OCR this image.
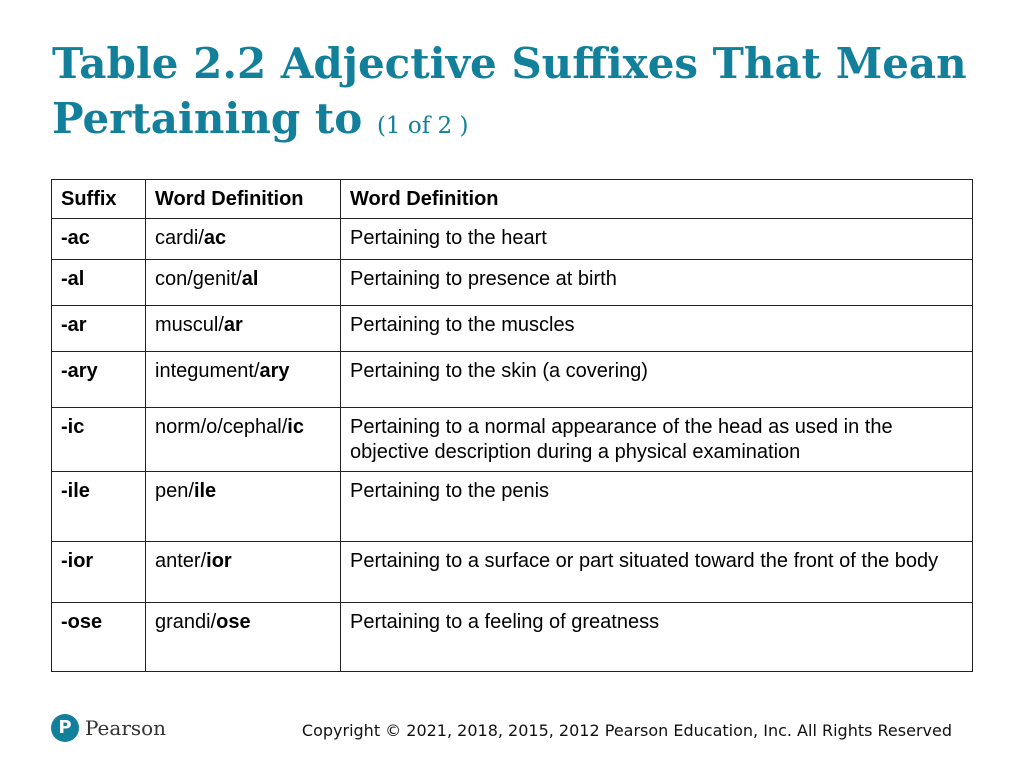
Table 2.2 Adjective Suffixes That Mean Pertaining to (1 of 2 )
Suffix	Word Definition	Word Definition
-ac	cardi/ac	Pertaining to the heart
-al	con/genit/al	Pertaining to presence at birth
-ar	muscul/ar	Pertaining to the muscles
-ary	integument/ary	Pertaining to the skin (a covering)
-ic	norm/o/cephal/ic	Pertaining to a normal appearance of the head as used in the objective description during a physical examination
-ile	pen/ile	Pertaining to the penis
-ior	anter/ior	Pertaining to a surface or part situated toward the front of the body
-ose	grandi/ose	Pertaining to a feeling of greatness
P Pearson	Copyright © 2021, 2018, 2015, 2012 Pearson Education, Inc. All Rights Reserved
